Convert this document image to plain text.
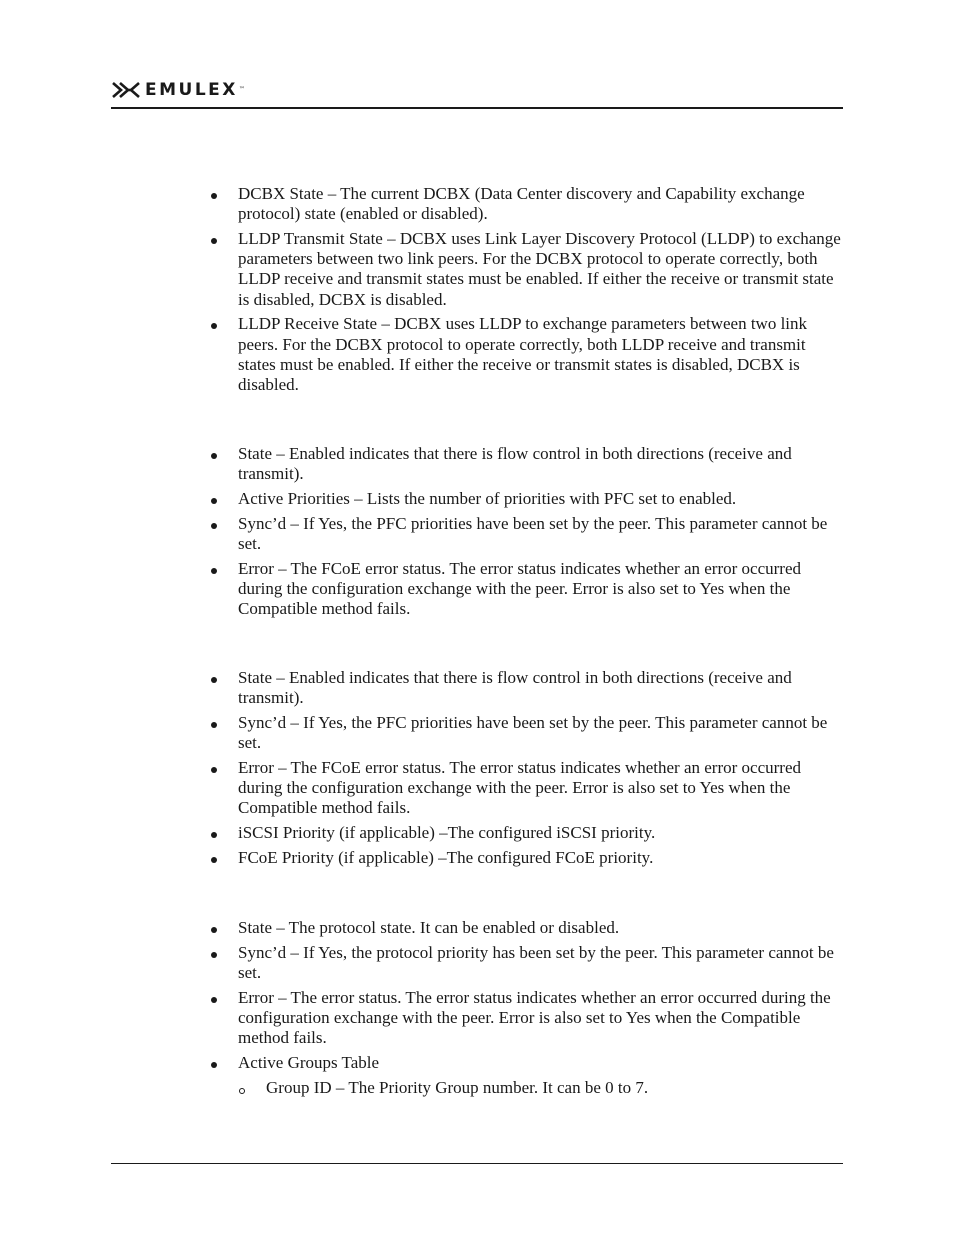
EMULEX ™
DCBX State – The current DCBX (Data Center discovery and Capability exchange protocol) state (enabled or disabled).
LLDP Transmit State – DCBX uses Link Layer Discovery Protocol (LLDP) to exchange parameters between two link peers. For the DCBX protocol to operate correctly, both LLDP receive and transmit states must be enabled. If either the receive or transmit state is disabled, DCBX is disabled.
LLDP Receive State – DCBX uses LLDP to exchange parameters between two link peers. For the DCBX protocol to operate correctly, both LLDP receive and transmit states must be enabled. If either the receive or transmit states is disabled, DCBX is disabled.
State – Enabled indicates that there is flow control in both directions (receive and transmit).
Active Priorities – Lists the number of priorities with PFC set to enabled.
Sync’d – If Yes, the PFC priorities have been set by the peer. This parameter cannot be set.
Error – The FCoE error status. The error status indicates whether an error occurred during the configuration exchange with the peer. Error is also set to Yes when the Compatible method fails.
State – Enabled indicates that there is flow control in both directions (receive and transmit).
Sync’d – If Yes, the PFC priorities have been set by the peer. This parameter cannot be set.
Error – The FCoE error status. The error status indicates whether an error occurred during the configuration exchange with the peer. Error is also set to Yes when the Compatible method fails.
iSCSI Priority (if applicable) –The configured iSCSI priority.
FCoE Priority (if applicable) –The configured FCoE priority.
State – The protocol state. It can be enabled or disabled.
Sync’d – If Yes, the protocol priority has been set by the peer. This parameter cannot be set.
Error – The error status. The error status indicates whether an error occurred during the configuration exchange with the peer. Error is also set to Yes when the Compatible method fails.
Active Groups Table
Group ID – The Priority Group number. It can be 0 to 7.
